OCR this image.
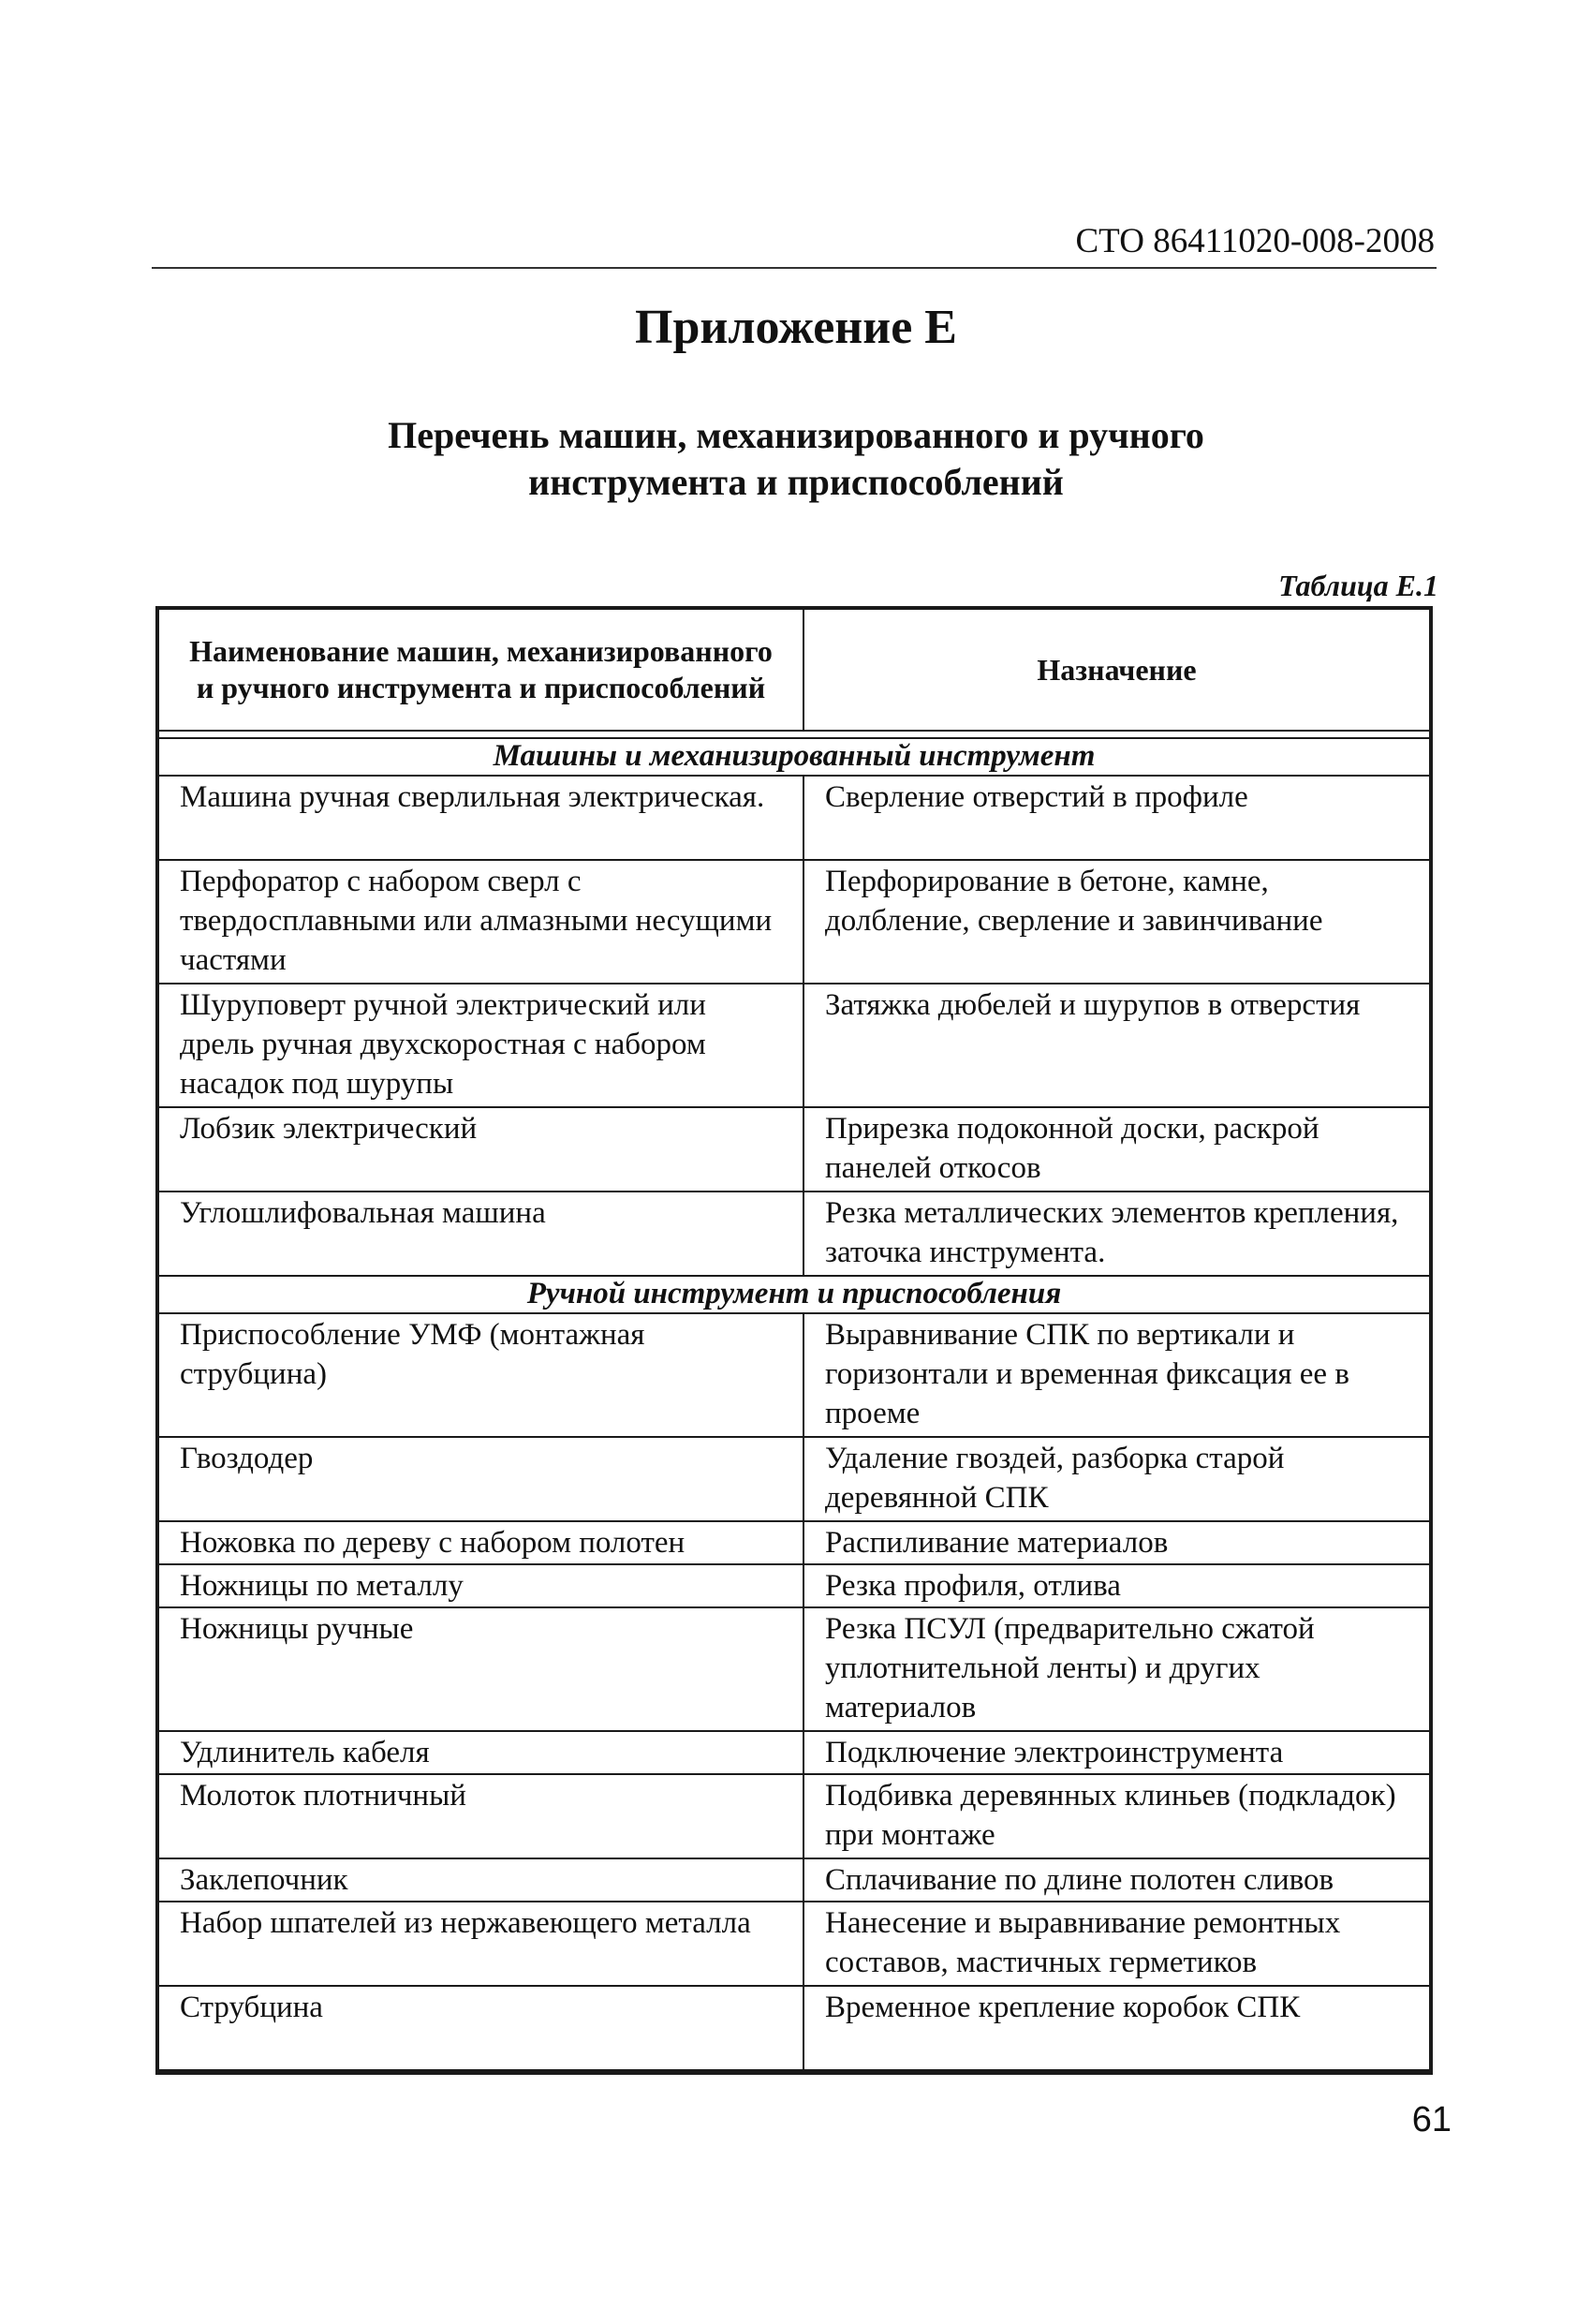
СТО 86411020-008-2008
Приложение Е
Перечень машин, механизированного и ручного
инструмента и приспособлений
Таблица Е.1
Наименование машин, механизированного и ручного инструмента и приспособлений	Назначение

Машины и механизированный инструмент	
Машина ручная сверлильная электрическая.	Сверление отверстий в профиле
Перфоратор с набором сверл с твердосплавными или алмазными несущими частями	Перфорирование в бетоне, камне, долбление, сверление и завинчивание
Шуруповерт ручной электрический или дрель ручная двухскоростная с набором насадок под шурупы	Затяжка дюбелей и шурупов в отверстия
Лобзик электрический	Прирезка подоконной доски, раскрой панелей откосов
Углошлифовальная машина	Резка металлических элементов крепления, заточка инструмента.
Ручной инструмент и приспособления	
Приспособление УМФ (монтажная струбцина)	Выравнивание СПК по вертикали и горизонтали и временная фиксация ее в проеме
Гвоздодер	Удаление гвоздей, разборка старой деревянной СПК
Ножовка по дереву с набором полотен	Распиливание материалов
Ножницы по металлу	Резка профиля, отлива
Ножницы ручные	Резка ПСУЛ (предварительно сжатой уплотнительной ленты) и других материалов
Удлинитель кабеля	Подключение электроинструмента
Молоток плотничный	Подбивка деревянных клиньев (подкладок) при монтаже
Заклепочник	Сплачивание по длине полотен сливов
Набор шпателей из нержавеющего металла	Нанесение и выравнивание ремонтных составов, мастичных герметиков
Струбцина	Временное крепление коробок СПК
61
